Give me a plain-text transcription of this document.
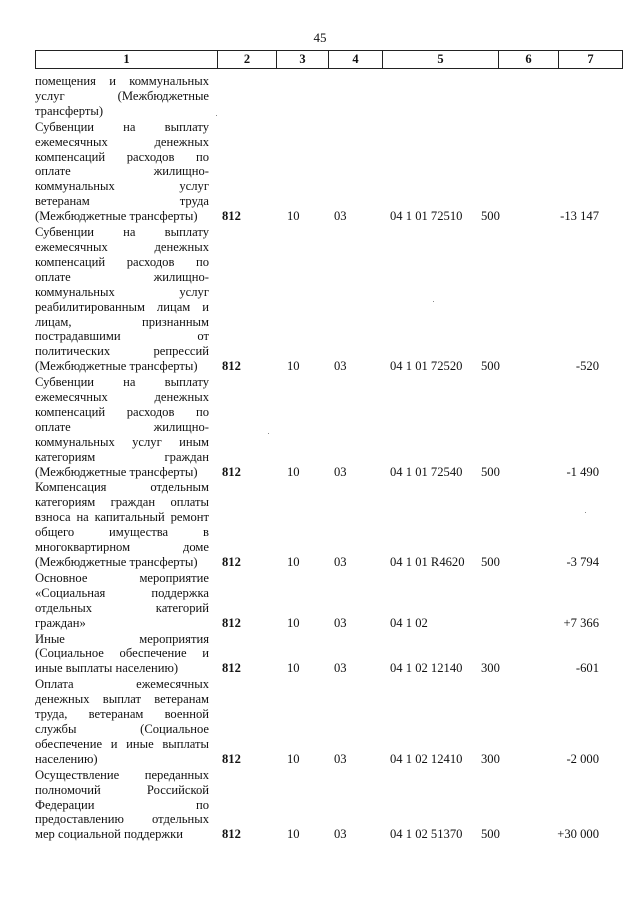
45
1	2	3	4	5	6	7
помещения и коммунальных
услуг (Межбюджетные
трансферты)
Субвенции на выплату
ежемесячных денежных
компенсаций расходов по
оплате жилищно-
коммунальных услуг
ветеранам труда
(Межбюджетные трансферты)	812	10	03	04 1 01 72510 500	-13 147
Субвенции на выплату
ежемесячных денежных
компенсаций расходов по
оплате жилищно-
коммунальных услуг
реабилитированным лицам и
лицам, признанным
пострадавшими от
политических репрессий
(Межбюджетные трансферты)	812	10	03	04 1 01 72520 500	-520
Субвенции на выплату
ежемесячных денежных
компенсаций расходов по
оплате жилищно-
коммунальных услуг иным
категориям граждан
(Межбюджетные трансферты)	812	10	03	04 1 01 72540 500	-1 490
Компенсация отдельным
категориям граждан оплаты
взноса на капитальный ремонт
общего имущества в
многоквартирном доме
(Межбюджетные трансферты)	812	10	03	04 1 01 R4620 500	-3 794
Основное мероприятие
«Социальная поддержка
отдельных категорий
граждан»	812	10	03	04 1 02	+7 366
Иные мероприятия
(Социальное обеспечение и
иные выплаты населению)	812	10	03	04 1 02 12140 300	-601
Оплата ежемесячных
денежных выплат ветеранам
труда, ветеранам военной
службы (Социальное
обеспечение и иные выплаты
населению)	812	10	03	04 1 02 12410 300	-2 000
Осуществление переданных
полномочий Российской
Федерации по
предоставлению отдельных
мер социальной поддержки	812	10	03	04 1 02 51370 500	+30 000
